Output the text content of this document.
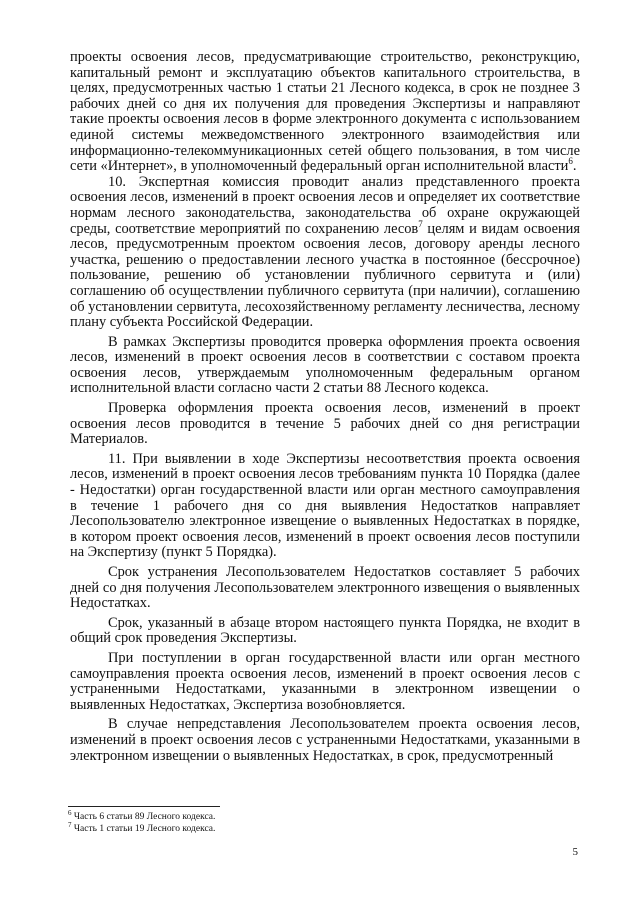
проекты освоения лесов, предусматривающие строительство, реконструкцию, капитальный ремонт и эксплуатацию объектов капитального строительства, в целях, предусмотренных частью 1 статьи 21 Лесного кодекса, в срок не позднее 3 рабочих дней со дня их получения для проведения Экспертизы и направляют такие проекты освоения лесов в форме электронного документа с использованием единой системы межведомственного электронного взаимодействия или информационно-телекоммуникационных сетей общего пользования, в том числе сети «Интернет», в уполномоченный федеральный орган исполнительной власти$^6$.

10. Экспертная комиссия проводит анализ представленного проекта освоения лесов, изменений в проект освоения лесов и определяет их соответствие нормам лесного законодательства, законодательства об охране окружающей среды, соответствие мероприятий по сохранению лесов$^7$ целям и видам освоения лесов, предусмотренным проектом освоения лесов, договору аренды лесного участка, решению о предоставлении лесного участка в постоянное (бессрочное) пользование, решению об установлении публичного сервитута и (или) соглашению об осуществлении публичного сервитута (при наличии), соглашению об установлении сервитута, лесохозяйственному регламенту лесничества, лесному плану субъекта Российской Федерации.

В рамках Экспертизы проводится проверка оформления проекта освоения лесов, изменений в проект освоения лесов в соответствии с составом проекта освоения лесов, утверждаемым уполномоченным федеральным органом исполнительной власти согласно части 2 статьи 88 Лесного кодекса.

Проверка оформления проекта освоения лесов, изменений в проект освоения лесов проводится в течение 5 рабочих дней со дня регистрации Материалов.

11. При выявлении в ходе Экспертизы несоответствия проекта освоения лесов, изменений в проект освоения лесов требованиям пункта 10 Порядка (далее - Недостатки) орган государственной власти или орган местного самоуправления в течение 1 рабочего дня со дня выявления Недостатков направляет Лесопользователю электронное извещение о выявленных Недостатках в порядке, в котором проект освоения лесов, изменений в проект освоения лесов поступили на Экспертизу (пункт 5 Порядка).

Срок устранения Лесопользователем Недостатков составляет 5 рабочих дней со дня получения Лесопользователем электронного извещения о выявленных Недостатках.

Срок, указанный в абзаце втором настоящего пункта Порядка, не входит в общий срок проведения Экспертизы.

При поступлении в орган государственной власти или орган местного самоуправления проекта освоения лесов, изменений в проект освоения лесов с устраненными Недостатками, указанными в электронном извещении о выявленных Недостатках, Экспертиза возобновляется.

В случае непредставления Лесопользователем проекта освоения лесов, изменений в проект освоения лесов с устраненными Недостатками, указанными в электронном извещении о выявленных Недостатках, в срок, предусмотренный

$^6$ Часть 6 статьи 89 Лесного кодекса.
$^7$ Часть 1 статьи 19 Лесного кодекса.
5
